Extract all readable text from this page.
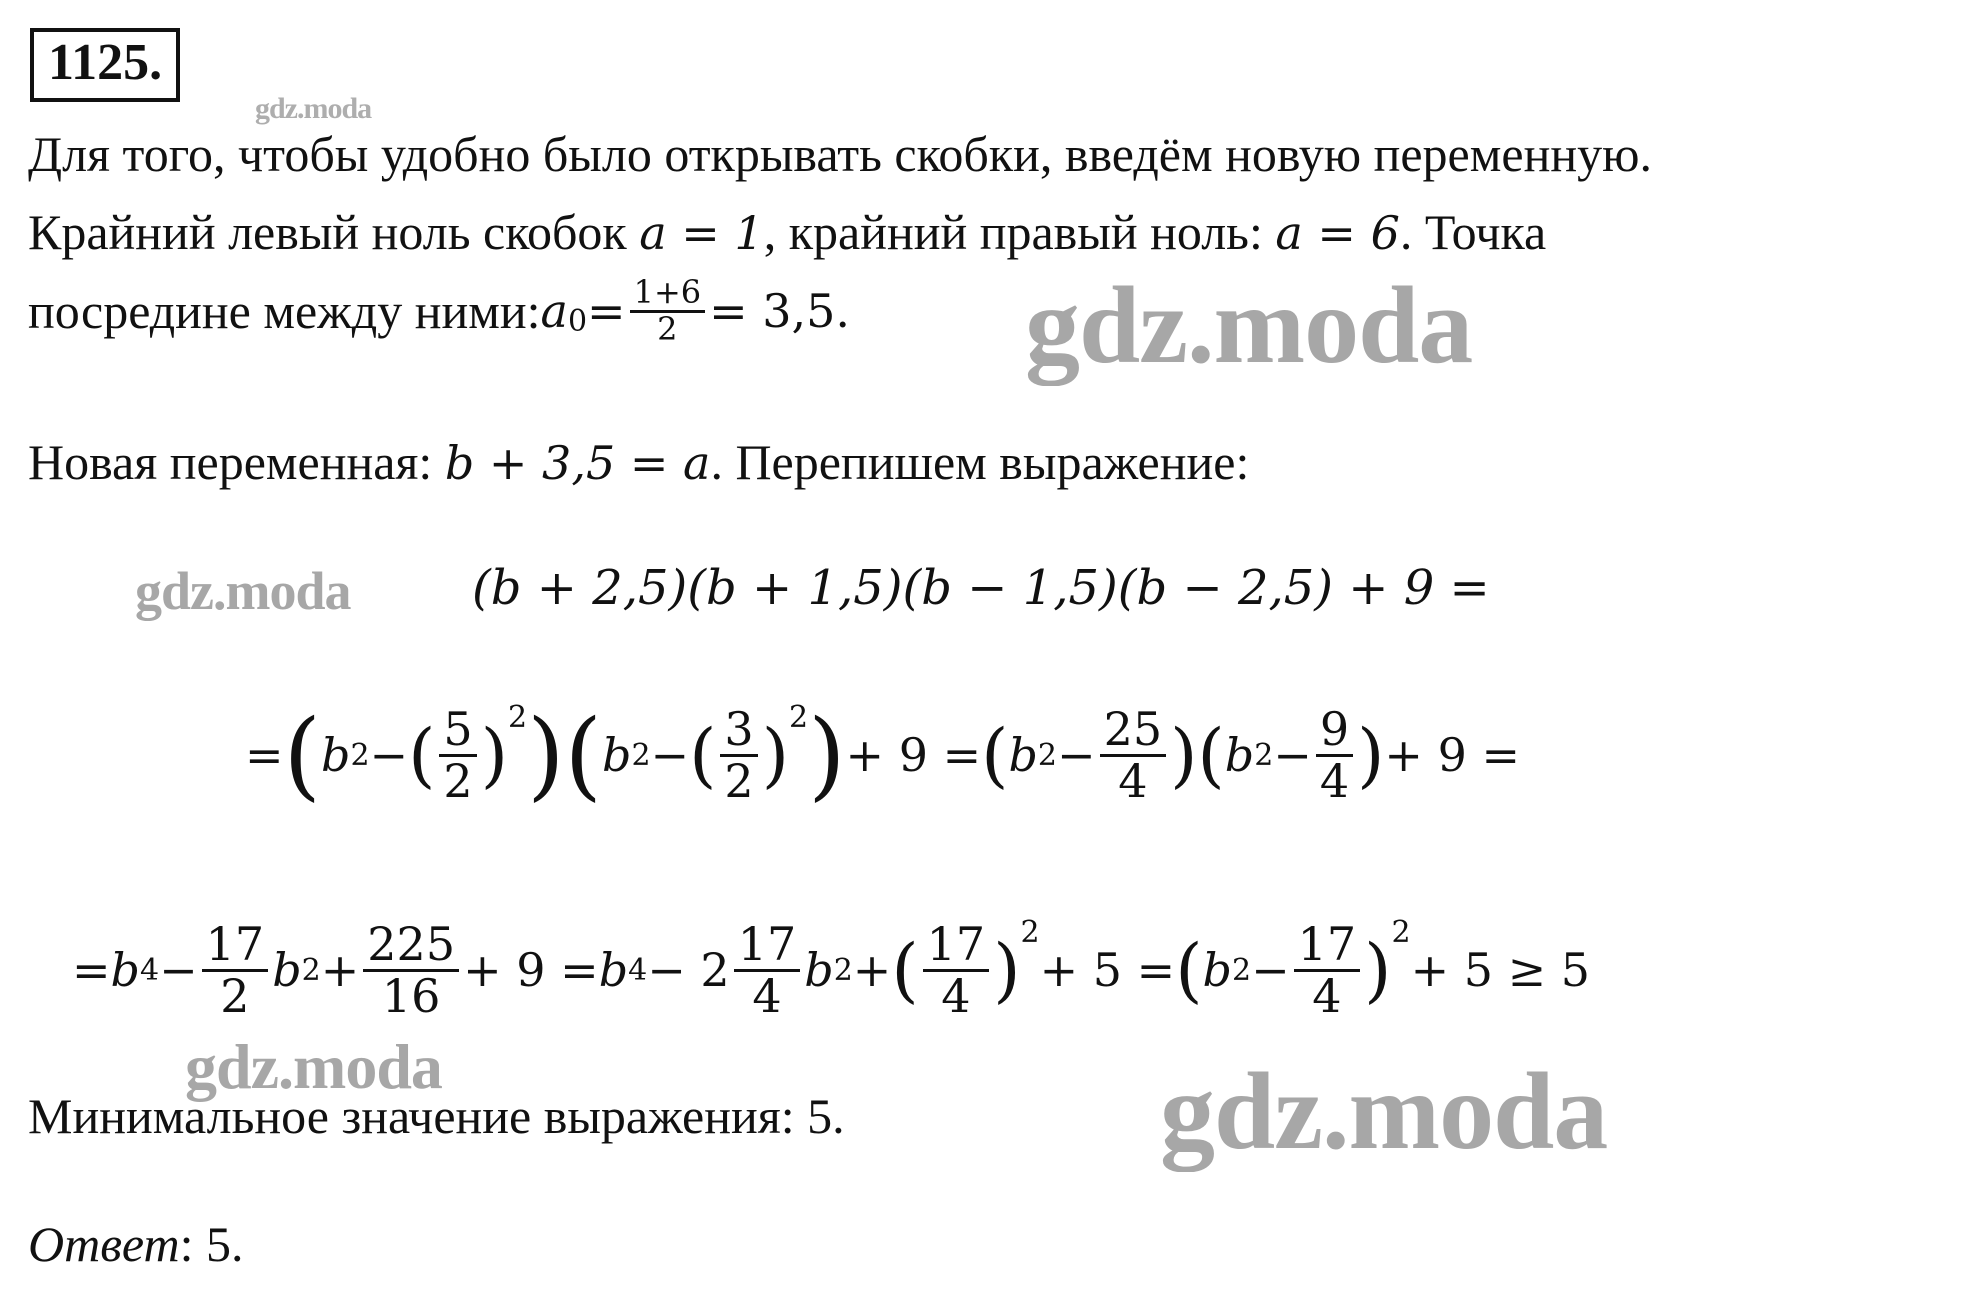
1125.
gdz.moda
Для того, чтобы удобно было открывать скобки, введём новую переменную.
Крайний левый ноль скобок a = 1, крайний правый ноль: a = 6. Точка
посредине между ними: $a_0 = \frac{1+6}{2} = 3,5$. gdz.moda
Новая переменная: b + 3,5 = a. Перепишем выражение:
gdz.moda	(b + 2,5)(b + 1,5)(b − 1,5)(b − 2,5) + 9 =
= ( b 2 − ( $\frac{5}{2} )^2$ ) ( b 2 − ( $\frac{3}{2} )^2$ ) + 9 = ( b $2 - \frac{25}{4}$ ) ( b $2 - \frac{9}{4}$ ) + 9 =
= b $4 - \frac{17}{2}$ b $2 + \frac{225}{16} + 9 = b$ $4 - 2 \frac{17}{4}$ b 2 + ( $\frac{17}{4} )^2$
+ 5 = ( b $2 - \frac{17}{4} )^2$
+ 5 ≥ 5
gdz.moda	gdz.moda
Минимальное значение выражения: 5.
Ответ: 5.
